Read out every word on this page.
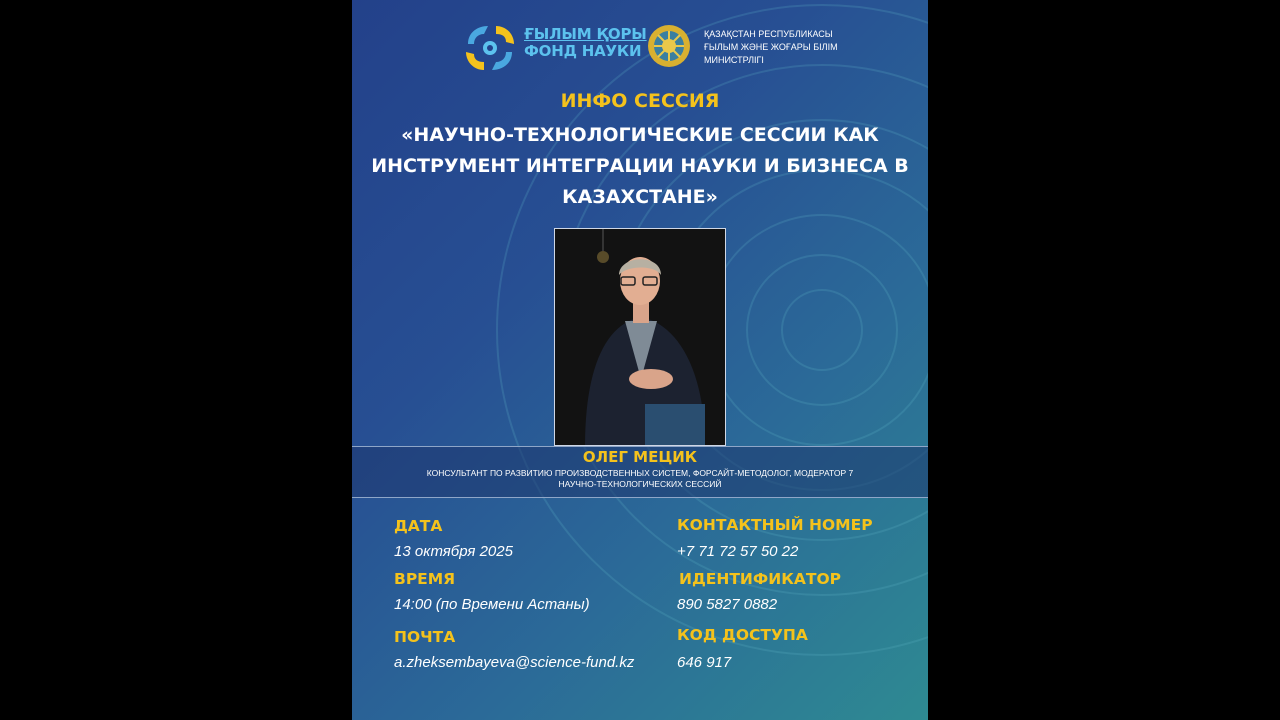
ҒЫЛЫМ ҚОРЫ
ФОНД НАУКИ
ҚАЗАҚСТАН РЕСПУБЛИКАСЫ
ҒЫЛЫМ ЖӘНЕ ЖОҒАРЫ БІЛІМ
МИНИСТРЛІГІ
ИНФО СЕССИЯ
«НАУЧНО-ТЕХНОЛОГИЧЕСКИЕ СЕССИИ КАК
ИНСТРУМЕНТ ИНТЕГРАЦИИ НАУКИ И БИЗНЕСА В
КАЗАХСТАНЕ»
ОЛЕГ МЕЦИК
КОНСУЛЬТАНТ ПО РАЗВИТИЮ ПРОИЗВОДСТВЕННЫХ СИСТЕМ, ФОРСАЙТ-МЕТОДОЛОГ, МОДЕРАТОР 7
НАУЧНО-ТЕХНОЛОГИЧЕСКИХ СЕССИЙ
ДАТА
13 октября 2025
ВРЕМЯ
14:00 (по Времени Астаны)
ПОЧТА
a.zheksembayeva@science-fund.kz
КОНТАКТНЫЙ НОМЕР
+7 71 72 57 50 22
ИДЕНТИФИКАТОР
890 5827 0882
КОД ДОСТУПА
646 917
